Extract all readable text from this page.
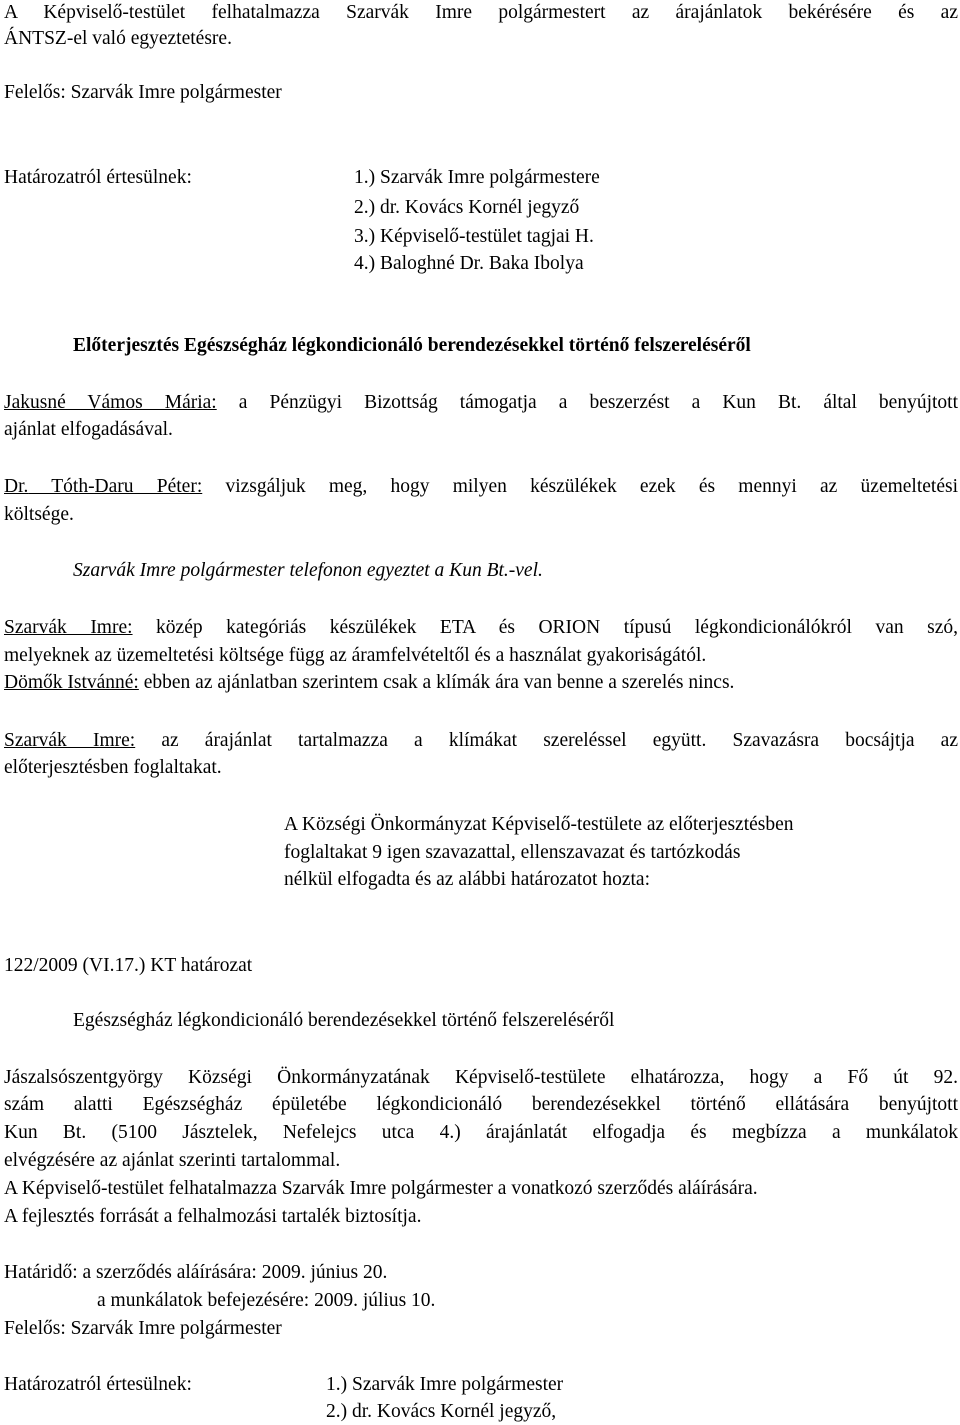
A Képviselő-testület felhatalmazza Szarvák Imre polgármestert az árajánlatok bekérésére és az

ÁNTSZ-el való egyeztetésre.

Felelős: Szarvák Imre polgármester

Határozatról értesülnek:	1.) Szarvák Imre polgármestere

2.) dr. Kovács Kornél jegyző

3.) Képviselő-testület tagjai H.

4.) Baloghné Dr. Baka Ibolya

Előterjesztés Egészségház légkondicionáló berendezésekkel történő felszereléséről

Jakusné Vámos Mária: a Pénzügyi Bizottság támogatja a beszerzést a Kun Bt. által benyújtott

ajánlat elfogadásával.

Dr. Tóth-Daru Péter: vizsgáljuk meg, hogy milyen készülékek ezek és mennyi az üzemeltetési

költsége.

Szarvák Imre polgármester telefonon egyeztet a Kun Bt.-vel.

Szarvák Imre: közép kategóriás készülékek ETA és ORION típusú légkondicionálókról van szó,

melyeknek az üzemeltetési költsége függ az áramfelvételtől és a használat gyakoriságától.

Dömők Istvánné: ebben az ajánlatban szerintem csak a klímák ára van benne a szerelés nincs.

Szarvák Imre: az árajánlat tartalmazza a klímákat szereléssel együtt. Szavazásra bocsájtja az

előterjesztésben foglaltakat.

A Községi Önkormányzat Képviselő-testülete az előterjesztésben

foglaltakat 9 igen szavazattal, ellenszavazat és tartózkodás

nélkül elfogadta és az alábbi határozatot hozta:

122/2009 (VI.17.) KT határozat

Egészségház légkondicionáló berendezésekkel történő felszereléséről

Jászalsószentgyörgy Községi Önkormányzatának Képviselő-testülete elhatározza, hogy a Fő út 92.

szám alatti Egészségház épületébe légkondicionáló berendezésekkel történő ellátására benyújtott

Kun Bt. (5100 Jásztelek, Nefelejcs utca 4.) árajánlatát elfogadja és megbízza a munkálatok

elvégzésére az ajánlat szerinti tartalommal.

A Képviselő-testület felhatalmazza Szarvák Imre polgármester a vonatkozó szerződés aláírására.

A fejlesztés forrását a felhalmozási tartalék biztosítja.

Határidő: a szerződés aláírására: 2009. június 20.

a munkálatok befejezésére: 2009. július 10.

Felelős: Szarvák Imre polgármester

Határozatról értesülnek:	1.) Szarvák Imre polgármester

2.) dr. Kovács Kornél jegyző,
